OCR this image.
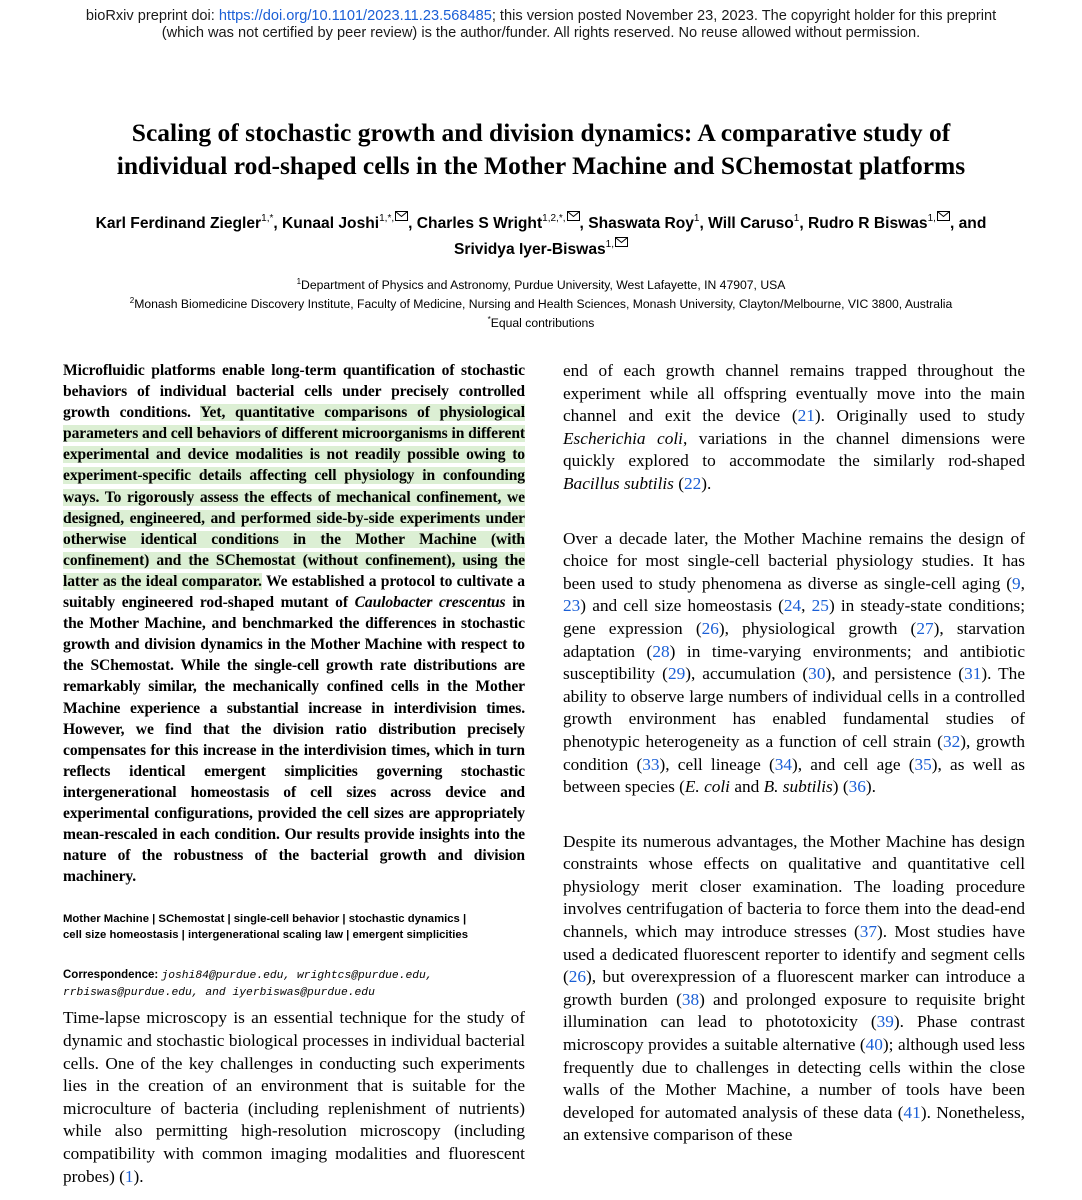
bioRxiv preprint doi: https://doi.org/10.1101/2023.11.23.568485; this version posted November 23, 2023. The copyright holder for this preprint
(which was not certified by peer review) is the author/funder. All rights reserved. No reuse allowed without permission.
Scaling of stochastic growth and division dynamics: A comparative study of
individual rod-shaped cells in the Mother Machine and SChemostat platforms
Karl Ferdinand Ziegler$^{1,*}$, Kunaal Joshi$^{1,*,}$ , Charles S Wright$^{1,2,*,}$ , Shaswata Roy$^1$, Will Caruso$^1$, Rudro R Biswas$^{1,}$ , and
Srividya Iyer-Biswas$^{1,}$
$^1$Department of Physics and Astronomy, Purdue University, West Lafayette, IN 47907, USA
$^2$Monash Biomedicine Discovery Institute, Faculty of Medicine, Nursing and Health Sciences, Monash University, Clayton/Melbourne, VIC 3800, Australia
*Equal contributions

Microfluidic platforms enable long-term quantification of stochastic behaviors of individual bacterial cells under precisely controlled growth conditions. Yet, quantitative comparisons of physiological parameters and cell behaviors of different microorganisms in different experimental and device modalities is not readily possible owing to experiment-specific details affecting cell physiology in confounding ways. To rigorously assess the effects of mechanical confinement, we designed, engineered, and performed side-by-side experiments under otherwise identical conditions in the Mother Machine (with confinement) and the SChemostat (without confinement), using the latter as the ideal comparator. We established a protocol to cultivate a suitably engineered rod-shaped mutant of Caulobacter crescentus in the Mother Machine, and benchmarked the differences in stochastic growth and division dynamics in the Mother Machine with respect to the SChemostat. While the single-cell growth rate distributions are remarkably similar, the mechanically confined cells in the Mother Machine experience a substantial increase in interdivision times. However, we find that the division ratio distribution precisely compensates for this increase in the interdivision times, which in turn reflects identical emergent simplicities governing stochastic intergenerational homeostasis of cell sizes across device and experimental configurations, provided the cell sizes are appropriately mean-rescaled in each condition. Our results provide insights into the nature of the robustness of the bacterial growth and division machinery.

Mother Machine | SChemostat | single-cell behavior | stochastic dynamics |
cell size homeostasis | intergenerational scaling law | emergent simplicities
Correspondence: joshi84@purdue.edu, wrightcs@purdue.edu,
rrbiswas@purdue.edu, and iyerbiswas@purdue.edu

Time-lapse microscopy is an essential technique for the study of dynamic and stochastic biological processes in individual bacterial cells. One of the key challenges in conducting such experiments lies in the creation of an environment that is suitable for the microculture of bacteria (including replenishment of nutrients) while also permitting high-resolution microscopy (including compatibility with common imaging modalities and fluorescent probes) (1).

end of each growth channel remains trapped throughout the experiment while all offspring eventually move into the main channel and exit the device (21). Originally used to study Escherichia coli, variations in the channel dimensions were quickly explored to accommodate the similarly rod-shaped Bacillus subtilis (22).

Over a decade later, the Mother Machine remains the design of choice for most single-cell bacterial physiology studies. It has been used to study phenomena as diverse as single-cell aging (9, 23) and cell size homeostasis (24, 25) in steady-state conditions; gene expression (26), physiological growth (27), starvation adaptation (28) in time-varying environments; and antibiotic susceptibility (29), accumulation (30), and persistence (31). The ability to observe large numbers of individual cells in a controlled growth environment has enabled fundamental studies of phenotypic heterogeneity as a function of cell strain (32), growth condition (33), cell lineage (34), and cell age (35), as well as between species (E. coli and B. subtilis) (36).

Despite its numerous advantages, the Mother Machine has design constraints whose effects on qualitative and quantitative cell physiology merit closer examination. The loading procedure involves centrifugation of bacteria to force them into the dead-end channels, which may introduce stresses (37). Most studies have used a dedicated fluorescent reporter to identify and segment cells (26), but overexpression of a fluorescent marker can introduce a growth burden (38) and prolonged exposure to requisite bright illumination can lead to phototoxicity (39). Phase contrast microscopy provides a suitable alternative (40); although used less frequently due to challenges in detecting cells within the close walls of the Mother Machine, a number of tools have been developed for automated analysis of these data (41). Nonetheless, an extensive comparison of these
